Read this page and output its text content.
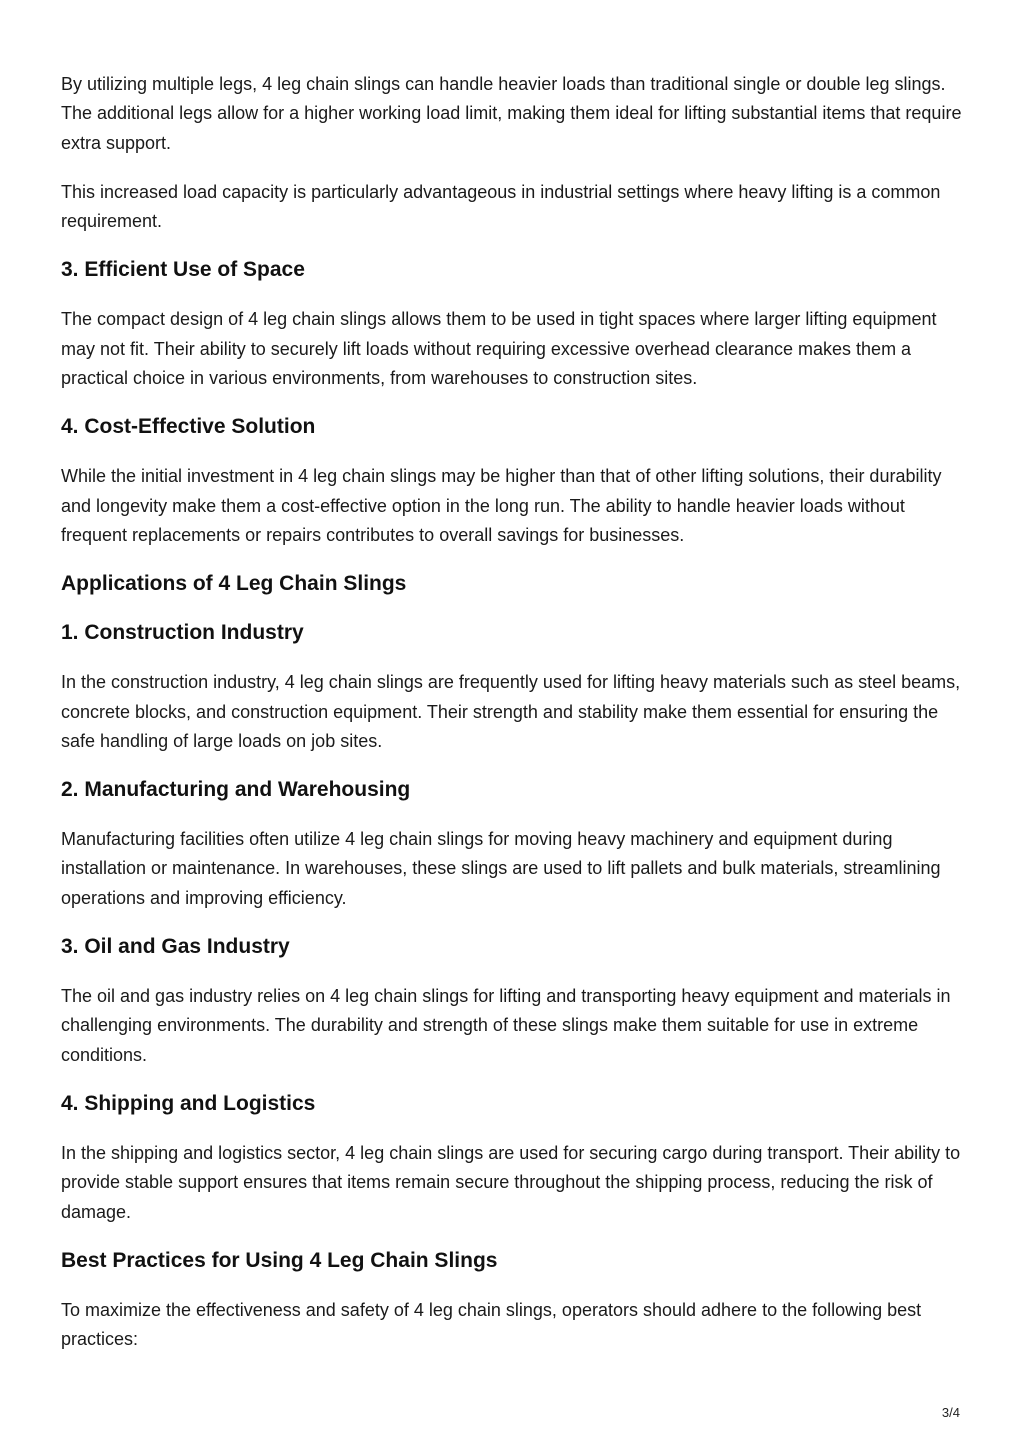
By utilizing multiple legs, 4 leg chain slings can handle heavier loads than traditional single or double leg slings. The additional legs allow for a higher working load limit, making them ideal for lifting substantial items that require extra support.

This increased load capacity is particularly advantageous in industrial settings where heavy lifting is a common requirement.

3. Efficient Use of Space

The compact design of 4 leg chain slings allows them to be used in tight spaces where larger lifting equipment may not fit. Their ability to securely lift loads without requiring excessive overhead clearance makes them a practical choice in various environments, from warehouses to construction sites.

4. Cost-Effective Solution

While the initial investment in 4 leg chain slings may be higher than that of other lifting solutions, their durability and longevity make them a cost-effective option in the long run. The ability to handle heavier loads without frequent replacements or repairs contributes to overall savings for businesses.

Applications of 4 Leg Chain Slings
1. Construction Industry

In the construction industry, 4 leg chain slings are frequently used for lifting heavy materials such as steel beams, concrete blocks, and construction equipment. Their strength and stability make them essential for ensuring the safe handling of large loads on job sites.

2. Manufacturing and Warehousing

Manufacturing facilities often utilize 4 leg chain slings for moving heavy machinery and equipment during installation or maintenance. In warehouses, these slings are used to lift pallets and bulk materials, streamlining operations and improving efficiency.

3. Oil and Gas Industry

The oil and gas industry relies on 4 leg chain slings for lifting and transporting heavy equipment and materials in challenging environments. The durability and strength of these slings make them suitable for use in extreme conditions.

4. Shipping and Logistics

In the shipping and logistics sector, 4 leg chain slings are used for securing cargo during transport. Their ability to provide stable support ensures that items remain secure throughout the shipping process, reducing the risk of damage.

Best Practices for Using 4 Leg Chain Slings

To maximize the effectiveness and safety of 4 leg chain slings, operators should adhere to the following best practices:

3/4
